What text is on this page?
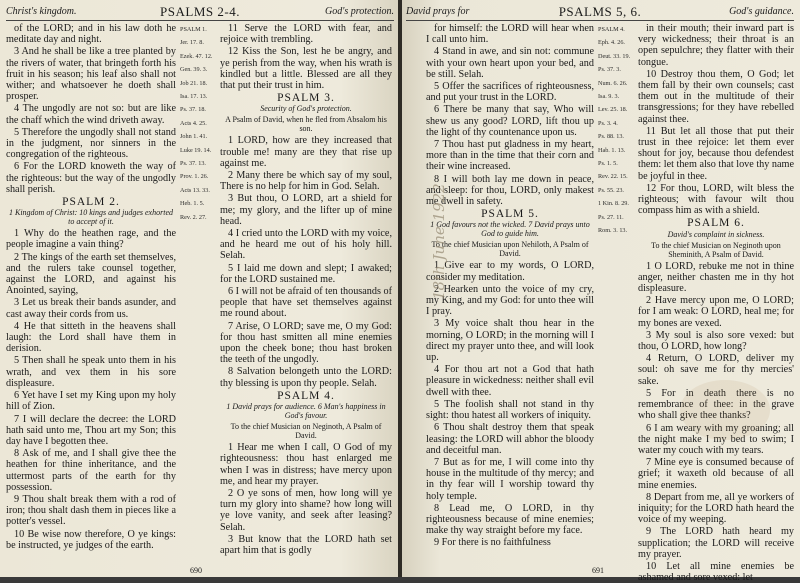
Christ's kingdom.	PSALMS 2-4.	God's protection.

of the LORD; and in his law doth he meditate day and night.

3 And he shall be like a tree planted by the rivers of water, that bringeth forth his fruit in his season; his leaf also shall not wither; and whatsoever he doeth shall prosper.

4 The ungodly are not so: but are like the chaff which the wind driveth away.

5 Therefore the ungodly shall not stand in the judgment, nor sinners in the congregation of the righteous.

6 For the LORD knoweth the way of the righteous: but the way of the ungodly shall perish.

PSALM 2.

1 Kingdom of Christ: 10 kings and judges exhorted to accept of it.

1 Why do the heathen rage, and the people imagine a vain thing?

2 The kings of the earth set themselves, and the rulers take counsel together, against the LORD, and against his Anointed, saying,

3 Let us break their bands asunder, and cast away their cords from us.

4 He that sitteth in the heavens shall laugh: the Lord shall have them in derision.

5 Then shall he speak unto them in his wrath, and vex them in his sore displeasure.

6 Yet have I set my King upon my holy hill of Zion.

7 I will declare the decree: the LORD hath said unto me, Thou art my Son; this day have I begotten thee.

8 Ask of me, and I shall give thee the heathen for thine inheritance, and the uttermost parts of the earth for thy possession.

9 Thou shalt break them with a rod of iron; thou shalt dash them in pieces like a potter's vessel.

10 Be wise now therefore, O ye kings: be instructed, ye judges of the earth.

PSALM 1.
Jer. 17. 8.
Ezek. 47. 12.
Gen. 39. 3.
Job 21. 18.
Isa. 17. 13.
Ps. 37. 18.
Acts 4. 25.
John 1. 41.
Luke 19. 14.
Ps. 37. 13.
Prov. 1. 26.
Acts 13. 33.
Heb. 1. 5.
Rev. 2. 27.

11 Serve the LORD with fear, and rejoice with trembling.

12 Kiss the Son, lest he be angry, and ye perish from the way, when his wrath is kindled but a little. Blessed are all they that put their trust in him.

PSALM 3.

Security of God's protection.

A Psalm of David, when he fled from Absalom his son.

1 LORD, how are they increased that trouble me! many are they that rise up against me.

2 Many there be which say of my soul, There is no help for him in God. Selah.

3 But thou, O LORD, art a shield for me; my glory, and the lifter up of mine head.

4 I cried unto the LORD with my voice, and he heard me out of his holy hill. Selah.

5 I laid me down and slept; I awaked; for the LORD sustained me.

6 I will not be afraid of ten thousands of people that have set themselves against me round about.

7 Arise, O LORD; save me, O my God: for thou hast smitten all mine enemies upon the cheek bone; thou hast broken the teeth of the ungodly.

8 Salvation belongeth unto the LORD: thy blessing is upon thy people. Selah.

PSALM 4.

1 David prays for audience. 6 Man's happiness in God's favour.

To the chief Musician on Neginoth, A Psalm of David.

1 Hear me when I call, O God of my righteousness: thou hast enlarged me when I was in distress; have mercy upon me, and hear my prayer.

2 O ye sons of men, how long will ye turn my glory into shame? how long will ye love vanity, and seek after leasing? Selah.

3 But know that the LORD hath set apart him that is godly

690
David prays for	PSALMS 5, 6.	God's guidance.

for himself: the LORD will hear when I call unto him.

4 Stand in awe, and sin not: commune with your own heart upon your bed, and be still. Selah.

5 Offer the sacrifices of righteousness, and put your trust in the LORD.

6 There be many that say, Who will shew us any good? LORD, lift thou up the light of thy countenance upon us.

7 Thou hast put gladness in my heart, more than in the time that their corn and their wine increased.

8 I will both lay me down in peace, and sleep: for thou, LORD, only makest me dwell in safety.

PSALM 5.

1 God favours not the wicked. 7 David prays unto God to guide him.

To the chief Musician upon Nehiloth, A Psalm of David.

1 Give ear to my words, O LORD, consider my meditation.

2 Hearken unto the voice of my cry, my King, and my God: for unto thee will I pray.

3 My voice shalt thou hear in the morning, O LORD; in the morning will I direct my prayer unto thee, and will look up.

4 For thou art not a God that hath pleasure in wickedness: neither shall evil dwell with thee.

5 The foolish shall not stand in thy sight: thou hatest all workers of iniquity.

6 Thou shalt destroy them that speak leasing: the LORD will abhor the bloody and deceitful man.

7 But as for me, I will come into thy house in the multitude of thy mercy; and in thy fear will I worship toward thy holy temple.

8 Lead me, O LORD, in thy righteousness because of mine enemies; make thy way straight before my face.

9 For there is no faithfulness

PSALM 4.
Eph. 4. 26.
Deut. 33. 19.
Ps. 37. 3.
Num. 6. 26.
Isa. 9. 3.
Lev. 25. 18.
Ps. 3. 4.
Ps. 88. 13.
Hab. 1. 13.
Ps. 1. 5.
Rev. 22. 15.
Ps. 55. 23.
1 Kin. 8. 29.
Ps. 27. 11.
Rom. 3. 13.

in their mouth; their inward part is very wickedness; their throat is an open sepulchre; they flatter with their tongue.

10 Destroy thou them, O God; let them fall by their own counsels; cast them out in the multitude of their transgressions; for they have rebelled against thee.

11 But let all those that put their trust in thee rejoice: let them ever shout for joy, because thou defendest them: let them also that love thy name be joyful in thee.

12 For thou, LORD, wilt bless the righteous; with favour wilt thou compass him as with a shield.

PSALM 6.

David's complaint in sickness.

To the chief Musician on Neginoth upon Sheminith, A Psalm of David.

1 O LORD, rebuke me not in thine anger, neither chasten me in thy hot displeasure.

2 Have mercy upon me, O LORD; for I am weak: O LORD, heal me; for my bones are vexed.

3 My soul is also sore vexed: but thou, O LORD, how long?

4 Return, O LORD, deliver my soul: oh save me for thy mercies' sake.

5 For in death there is no remembrance of thee: in the grave who shall give thee thanks?

6 I am weary with my groaning; all the night make I my bed to swim; I water my couch with my tears.

7 Mine eye is consumed because of grief; it waxeth old because of all mine enemies.

8 Depart from me, all ye workers of iniquity; for the LORD hath heard the voice of my weeping.

9 The LORD hath heard my supplication; the LORD will receive my prayer.

10 Let all mine enemies be ashamed and sore vexed: let

691
18th June 1922
